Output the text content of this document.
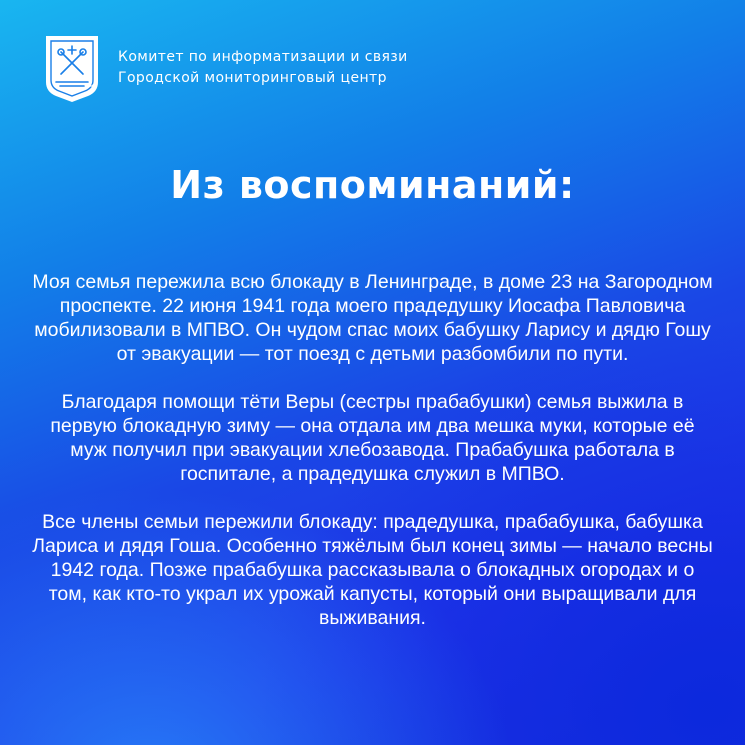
Комитет по информатизации и связи
Городской мониторинговый центр
Из воспоминаний:

Моя семья пережила всю блокаду в Ленинграде, в доме 23 на Загородном проспекте. 22 июня 1941 года моего прадедушку Иосафа Павловича мобилизовали в МПВО. Он чудом спас моих бабушку Ларису и дядю Гошу от эвакуации — тот поезд с детьми разбомбили по пути.

Благодаря помощи тёти Веры (сестры прабабушки) семья выжила в первую блокадную зиму — она отдала им два мешка муки, которые её муж получил при эвакуации хлебозавода. Прабабушка работала в госпитале, а прадедушка служил в МПВО.

Все члены семьи пережили блокаду: прадедушка, прабабушка, бабушка Лариса и дядя Гоша. Особенно тяжёлым был конец зимы — начало весны 1942 года. Позже прабабушка рассказывала о блокадных огородах и о том, как кто-то украл их урожай капусты, который они выращивали для выживания.
